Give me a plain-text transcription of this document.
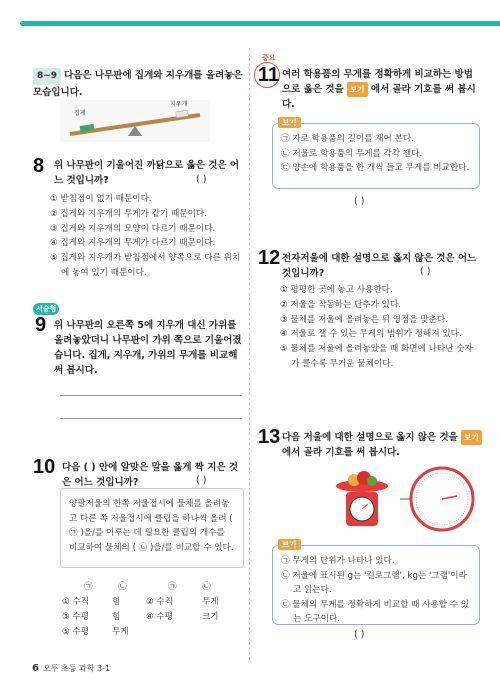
8~9 다음은 나무판에 집게와 지우개를 올려놓은 모습입니다.
집게
지우개
8 위 나무판이 기울어진 까닭으로 옳은 것은 어느 것입니까?	( )
① 받침점이 없기 때문이다.
② 집게와 지우개의 무게가 같기 때문이다.
③ 집게와 지우개의 모양이 다르기 때문이다.
④ 집게와 지우개의 무게가 다르기 때문이다.
⑤ 집게와 지우개가 받침점에서 양쪽으로 다른 위치에 놓여 있기 때문이다.
서술형
9 위 나무판의 오른쪽 5에 지우개 대신 가위를 올려놓았더니 나무판이 가위 쪽으로 기울어졌습니다. 집게, 지우개, 가위의 무게를 비교해 써 봅시다.
10 다음 ( ) 안에 알맞은 말을 옳게 짝 지은 것은 어느 것입니까?	( )
양팔저울의 한쪽 저울접시에 물체를 올려놓고 다른 쪽 저울접시에 클립을 하나씩 올려 ( ㉠ )을/를 이루는 데 필요한 클립의 개수를 비교하여 물체의 ( ㉡ )을/를 비교할 수 있다.
㉠	㉡	㉠	㉡
① 수직	힘	② 수직	무게
③ 수평	힘	④ 수평	크기
⑤ 수평	무게
중요
11 여러 학용품의 무게를 정확하게 비교하는 방법으로 옳은 것을 보기 에서 골라 기호를 써 봅시다.
보기
㉠ 자로 학용품의 길이를 재어 본다.
㉡ 저울로 학용품의 무게를 각각 잰다.
㉢ 양손에 학용품을 한 개씩 들고 무게를 비교한다.
( )
12 전자저울에 대한 설명으로 옳지 않은 것은 어느 것입니까?	( )
① 평평한 곳에 놓고 사용한다.
② 저울을 작동하는 단추가 있다.
③ 물체를 저울에 올려놓은 뒤 영점을 맞춘다.
④ 저울로 잴 수 있는 무게의 범위가 정해져 있다.
⑤ 물체를 저울에 올려놓았을 때 화면에 나타난 숫자가 클수록 무거운 물체이다.
13 다음 저울에 대한 설명으로 옳지 않은 것을 보기 에서 골라 기호를 써 봅시다.
보기
㉠ 무게의 단위가 나타나 있다.
㉡ 저울에 표시된 g는 '킬로그램', kg는 '그램'이라고 읽는다.
㉢ 물체의 무게를 정확하게 비교할 때 사용할 수 있는 도구이다.
( )
6 오투 초등 과학 3-1
